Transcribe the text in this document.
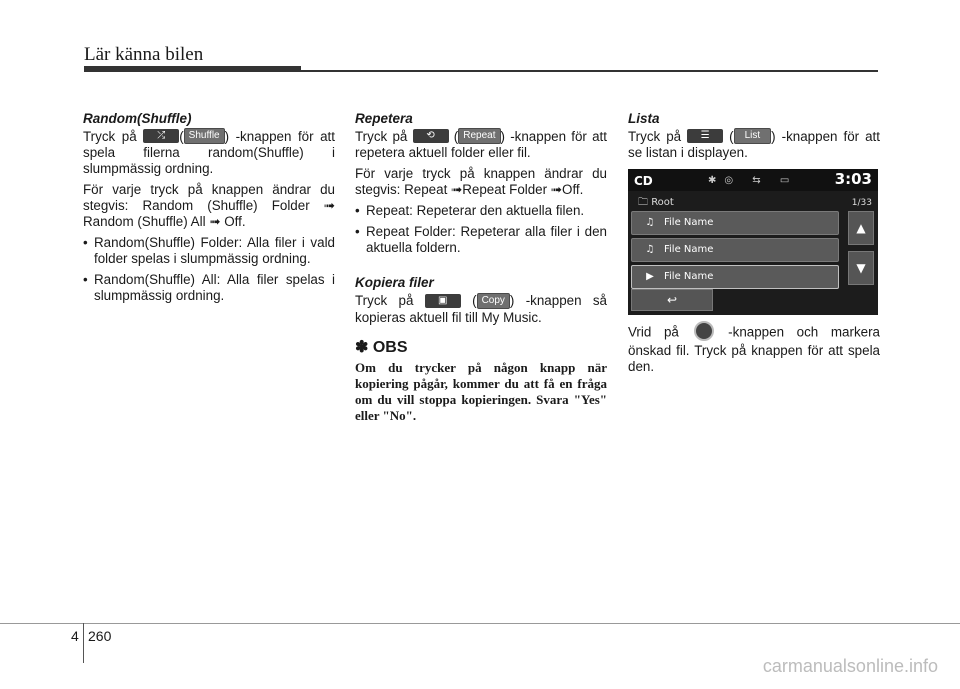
Lär känna bilen
Random(Shuffle)

Tryck på ⤮ ( Shuffle ) -knappen för att spela filerna random(Shuffle) i slumpmässig ordning.

För varje tryck på knappen ändrar du stegvis: Random (Shuffle) Folder ➟ Random (Shuffle) All ➟ Off.

• Random(Shuffle) Folder: Alla filer i vald folder spelas i slumpmässig ordning.
• Random(Shuffle) All: Alla filer spelas i slumpmässig ordning.
Repetera

Tryck på ⟲ ( Repeat ) -knappen för att repetera aktuell folder eller fil.

För varje tryck på knappen ändrar du stegvis: Repeat ➟Repeat Folder ➟Off.

• Repeat: Repeterar den aktuella filen.
• Repeat Folder: Repeterar alla filer i den aktuella foldern.
Kopiera filer

Tryck på ▣ ( Copy ) -knappen så kopieras aktuell fil till My Music.

✽ OBS

Om du trycker på någon knapp när kopiering pågår, kommer du att få en fråga om du vill stoppa kopieringen. Svara "Yes" eller "No".

Lista

Tryck på ☰ ( List ) -knappen för att se listan i displayen.

CD	✱◎ ⇆ ▭ 3:03
🗀 Root	1/33
♫ File Name
♫ File Name
▶ File Name
▲
▼
↩

Vrid på	-knappen och markera önskad fil. Tryck på knappen för att spela den.

4 260
carmanualsonline.info
